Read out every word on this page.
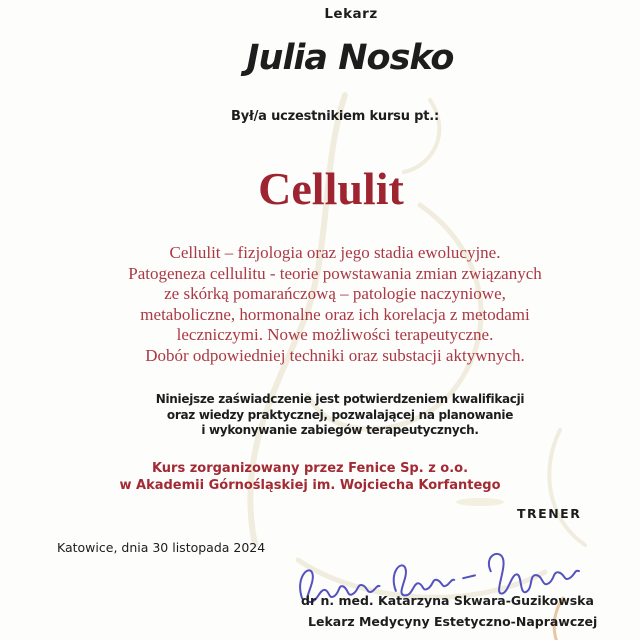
Lekarz
Julia Nosko
Był/a uczestnikiem kursu pt.:
Cellulit
Cellulit – fizjologia oraz jego stadia ewolucyjne.
Patogeneza cellulitu - teorie powstawania zmian związanych
ze skórką pomarańczową – patologie naczyniowe,
metaboliczne, hormonalne oraz ich korelacja z metodami
leczniczymi. Nowe możliwości terapeutyczne.
Dobór odpowiedniej techniki oraz substacji aktywnych.
Niniejsze zaświadczenie jest potwierdzeniem kwalifikacji
oraz wiedzy praktycznej, pozwalającej na planowanie
i wykonywanie zabiegów terapeutycznych.
Kurs zorganizowany przez Fenice Sp. z o.o.
w Akademii Górnośląskiej im. Wojciecha Korfantego
TRENER
Katowice, dnia 30 listopada 2024
dr n. med. Katarzyna Skwara-Guzikowska
Lekarz Medycyny Estetyczno-Naprawczej
